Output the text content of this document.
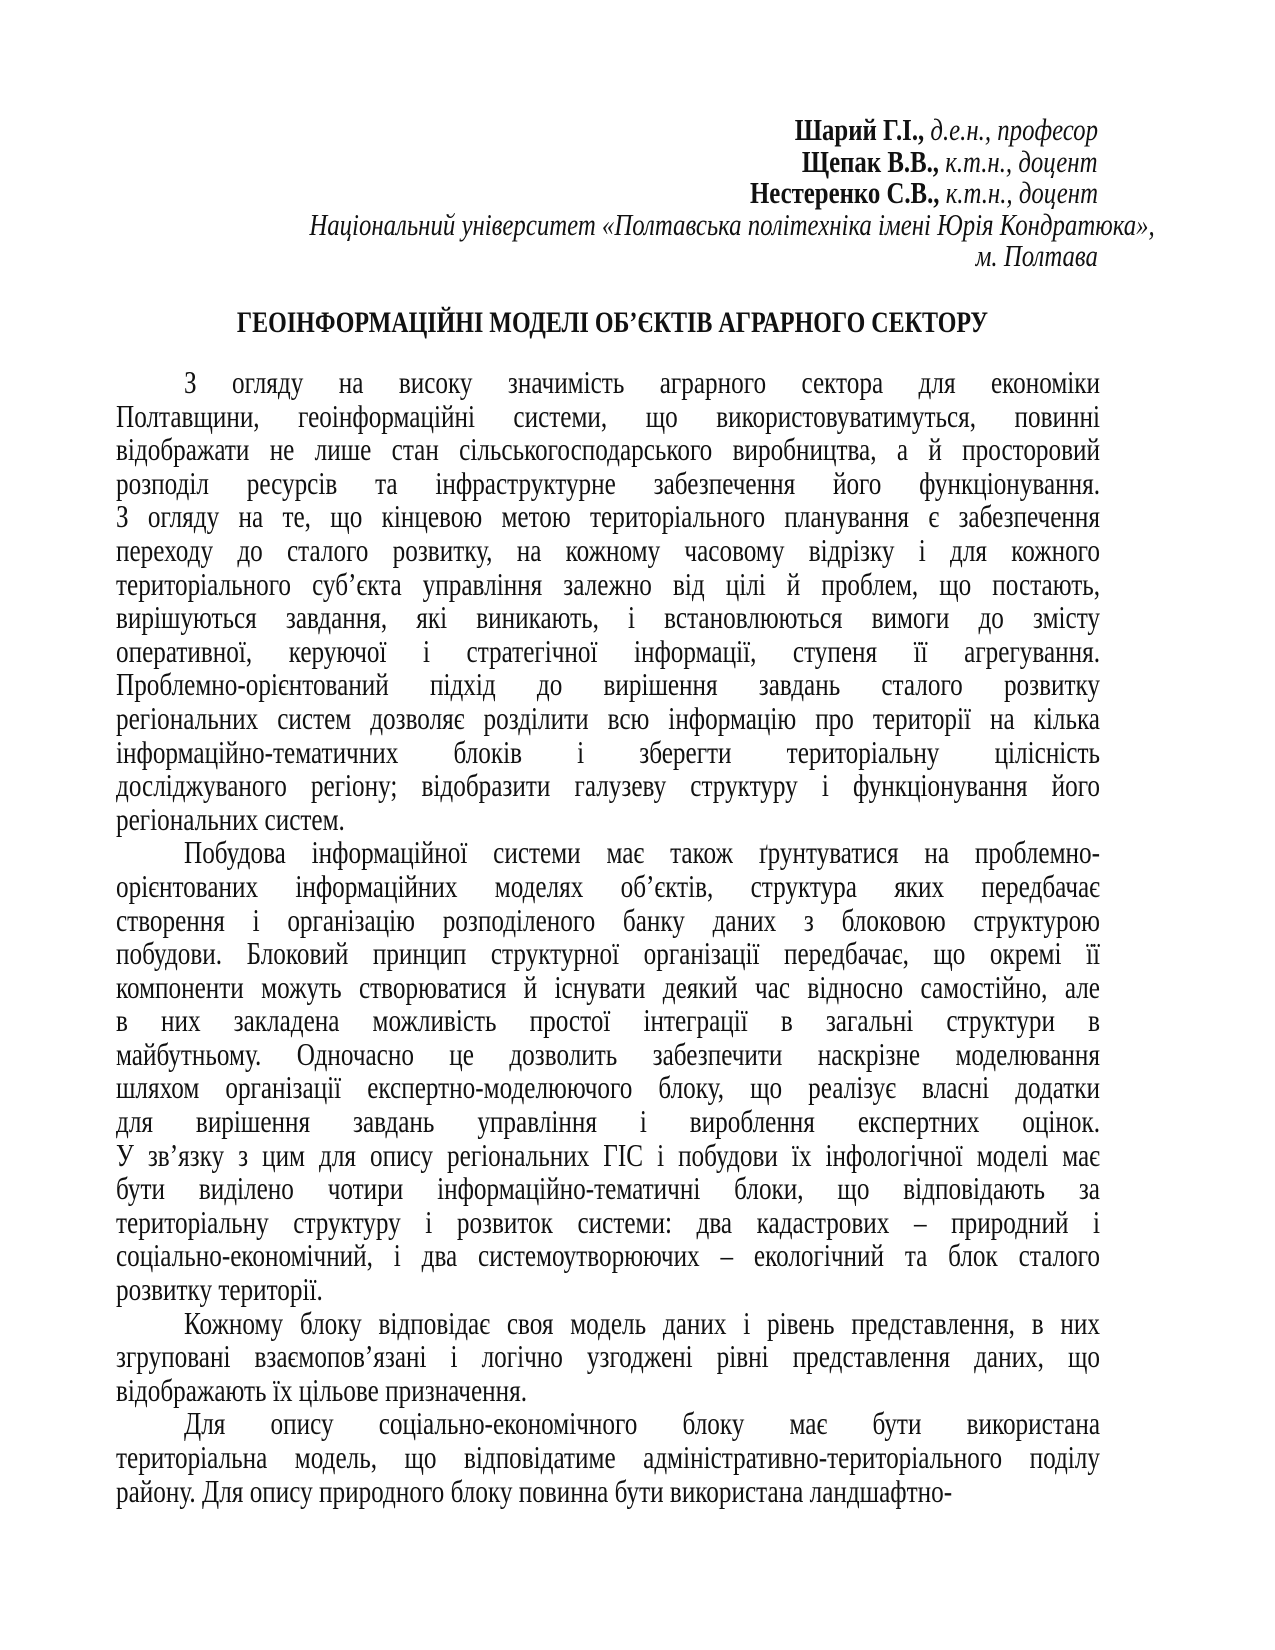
Шарий Г.І., д.е.н., професор
Щепак В.В., к.т.н., доцент
Нестеренко С.В., к.т.н., доцент
Національний університет «Полтавська політехніка імені Юрія Кондратюка»,
м. Полтава
ГЕОІНФОРМАЦІЙНІ МОДЕЛІ ОБ’ЄКТІВ АГРАРНОГО СЕКТОРУ
З огляду на високу значимість аграрного сектора для економіки
Полтавщини, геоінформаційні системи, що використовуватимуться, повинні
відображати не лише стан сільськогосподарського виробництва, а й просторовий
розподіл ресурсів та інфраструктурне забезпечення його функціонування.
З огляду на те, що кінцевою метою територіального планування є забезпечення
переходу до сталого розвитку, на кожному часовому відрізку і для кожного
територіального суб’єкта управління залежно від цілі й проблем, що постають,
вирішуються завдання, які виникають, і встановлюються вимоги до змісту
оперативної, керуючої і стратегічної інформації, ступеня її агрегування.
Проблемно-орієнтований підхід до вирішення завдань сталого розвитку
регіональних систем дозволяє розділити всю інформацію про території на кілька
інформаційно-тематичних блоків і зберегти територіальну цілісність
досліджуваного регіону; відобразити галузеву структуру і функціонування його
регіональних систем.
Побудова інформаційної системи має також ґрунтуватися на проблемно-
орієнтованих інформаційних моделях об’єктів, структура яких передбачає
створення і організацію розподіленого банку даних з блоковою структурою
побудови. Блоковий принцип структурної організації передбачає, що окремі її
компоненти можуть створюватися й існувати деякий час відносно самостійно, але
в них закладена можливість простої інтеграції в загальні структури в
майбутньому. Одночасно це дозволить забезпечити наскрізне моделювання
шляхом організації експертно-моделюючого блоку, що реалізує власні додатки
для вирішення завдань управління і вироблення експертних оцінок.
У зв’язку з цим для опису регіональних ГІС і побудови їх інфологічної моделі має
бути виділено чотири інформаційно-тематичні блоки, що відповідають за
територіальну структуру і розвиток системи: два кадастрових – природний і
соціально-економічний, і два системоутворюючих – екологічний та блок сталого
розвитку території.
Кожному блоку відповідає своя модель даних і рівень представлення, в них
згруповані взаємопов’язані і логічно узгоджені рівні представлення даних, що
відображають їх цільове призначення.
Для опису соціально-економічного блоку має бути використана
територіальна модель, що відповідатиме адміністративно-територіального поділу
району. Для опису природного блоку повинна бути використана ландшафтно-
